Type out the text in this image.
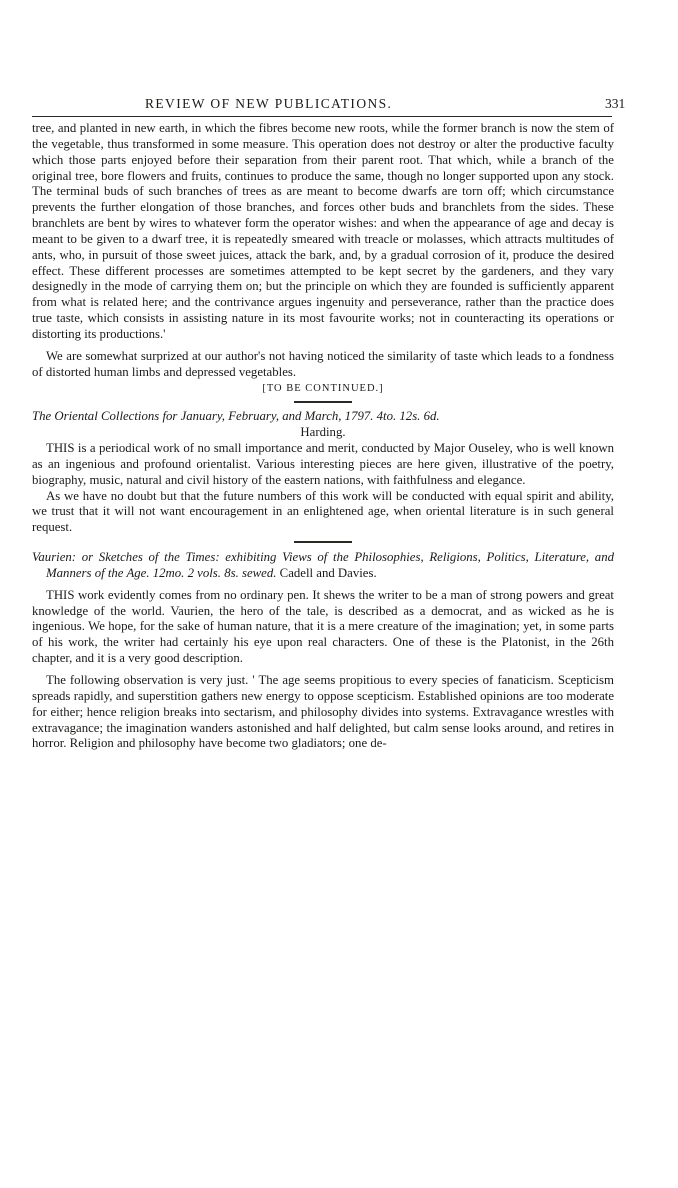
REVIEW OF NEW PUBLICATIONS.	331

tree, and planted in new earth, in which the fibres become new roots, while the former branch is now the stem of the vegetable, thus transformed in some measure. This operation does not destroy or alter the productive faculty which those parts enjoyed before their separation from their parent root. That which, while a branch of the original tree, bore flowers and fruits, continues to produce the same, though no longer supported upon any stock. The terminal buds of such branches of trees as are meant to become dwarfs are torn off; which circumstance prevents the further elongation of those branches, and forces other buds and branchlets from the sides. These branchlets are bent by wires to whatever form the operator wishes: and when the appearance of age and decay is meant to be given to a dwarf tree, it is repeatedly smeared with treacle or molasses, which attracts multitudes of ants, who, in pursuit of those sweet juices, attack the bark, and, by a gradual corrosion of it, produce the desired effect. These different processes are sometimes attempted to be kept secret by the gardeners, and they vary designedly in the mode of carrying them on; but the principle on which they are founded is sufficiently apparent from what is related here; and the contrivance argues ingenuity and perseverance, rather than the practice does true taste, which consists in assisting nature in its most favourite works; not in counteracting its operations or distorting its productions.'

We are somewhat surprized at our author's not having noticed the similarity of taste which leads to a fondness of distorted human limbs and depressed vegetables.

[TO BE CONTINUED.]

The Oriental Collections for January, February, and March, 1797. 4to. 12s. 6d.
Harding.

THIS is a periodical work of no small importance and merit, conducted by Major Ouseley, who is well known as an ingenious and profound orientalist. Various interesting pieces are here given, illustrative of the poetry, biography, music, natural and civil history of the eastern nations, with faithfulness and elegance.

As we have no doubt but that the future numbers of this work will be conducted with equal spirit and ability, we trust that it will not want encouragement in an enlightened age, when oriental literature is in such general request.

Vaurien: or Sketches of the Times: exhibiting Views of the Philosophies, Religions, Politics, Literature, and Manners of the Age. 12mo. 2 vols. 8s. sewed. Cadell and Davies.

THIS work evidently comes from no ordinary pen. It shews the writer to be a man of strong powers and great knowledge of the world. Vaurien, the hero of the tale, is described as a democrat, and as wicked as he is ingenious. We hope, for the sake of human nature, that it is a mere creature of the imagination; yet, in some parts of his work, the writer had certainly his eye upon real characters. One of these is the Platonist, in the 26th chapter, and it is a very good description.

The following observation is very just. ' The age seems propitious to every species of fanaticism. Scepticism spreads rapidly, and superstition gathers new energy to oppose scepticism. Established opinions are too moderate for either; hence religion breaks into sectarism, and philosophy divides into systems. Extravagance wrestles with extravagance; the imagination wanders astonished and half delighted, but calm sense looks around, and retires in horror. Religion and philosophy have become two gladiators; one de-
